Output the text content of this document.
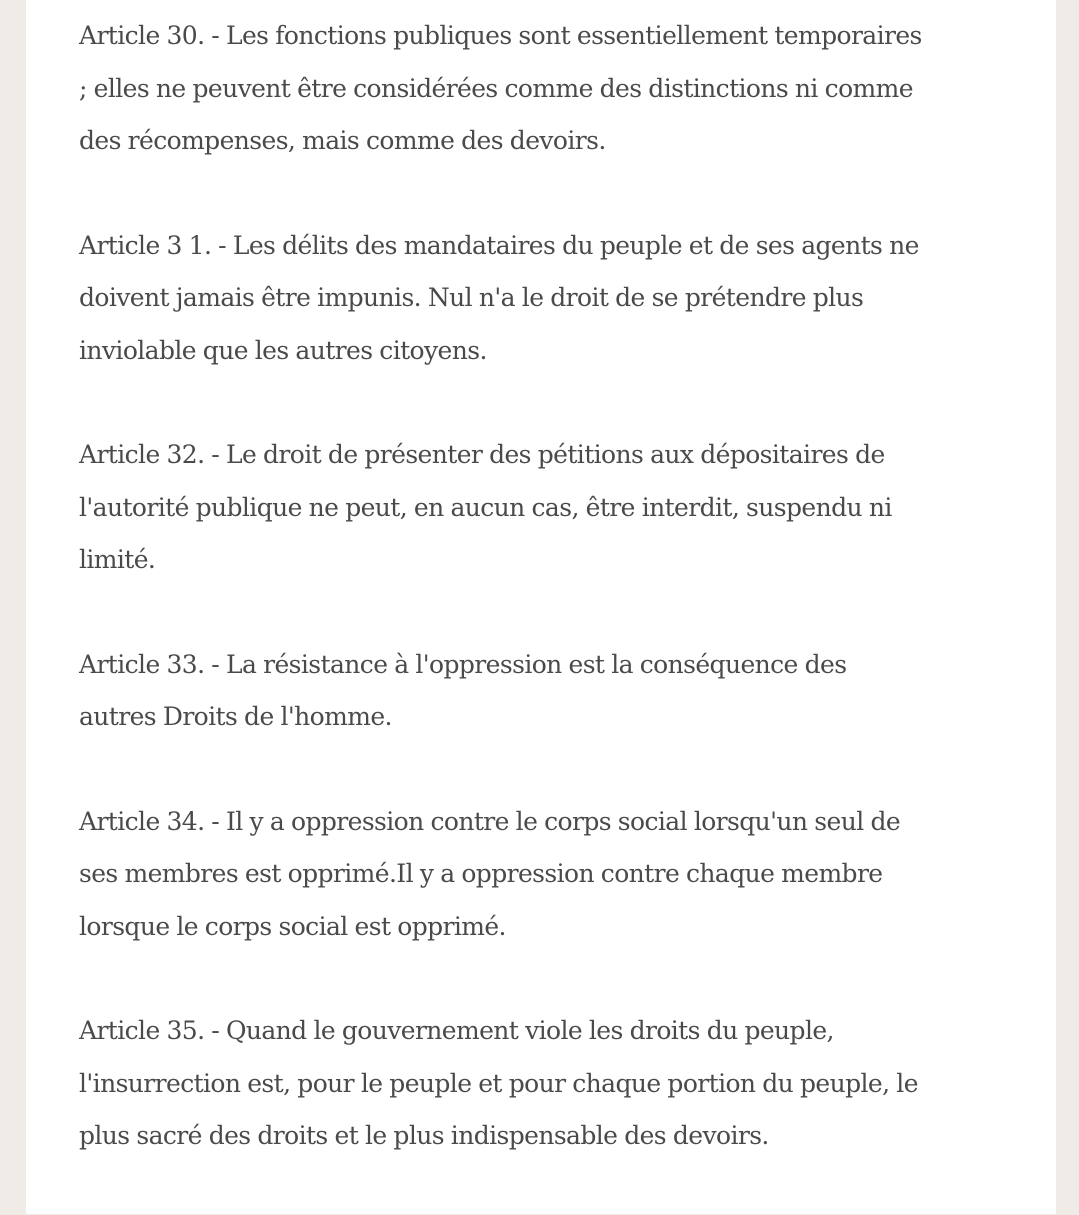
Article 30. - Les fonctions publiques sont essentiellement temporaires ; elles ne peuvent être considérées comme des distinctions ni comme des récompenses, mais comme des devoirs.

Article 3 1. - Les délits des mandataires du peuple et de ses agents ne doivent jamais être impunis. Nul n'a le droit de se prétendre plus inviolable que les autres citoyens.

Article 32. - Le droit de présenter des pétitions aux dépositaires de l'autorité publique ne peut, en aucun cas, être interdit, suspendu ni limité.

Article 33. - La résistance à l'oppression est la conséquence des autres Droits de l'homme.

Article 34. - Il y a oppression contre le corps social lorsqu'un seul de ses membres est opprimé.Il y a oppression contre chaque membre lorsque le corps social est opprimé.

Article 35. - Quand le gouvernement viole les droits du peuple, l'insurrection est, pour le peuple et pour chaque portion du peuple, le plus sacré des droits et le plus indispensable des devoirs.
